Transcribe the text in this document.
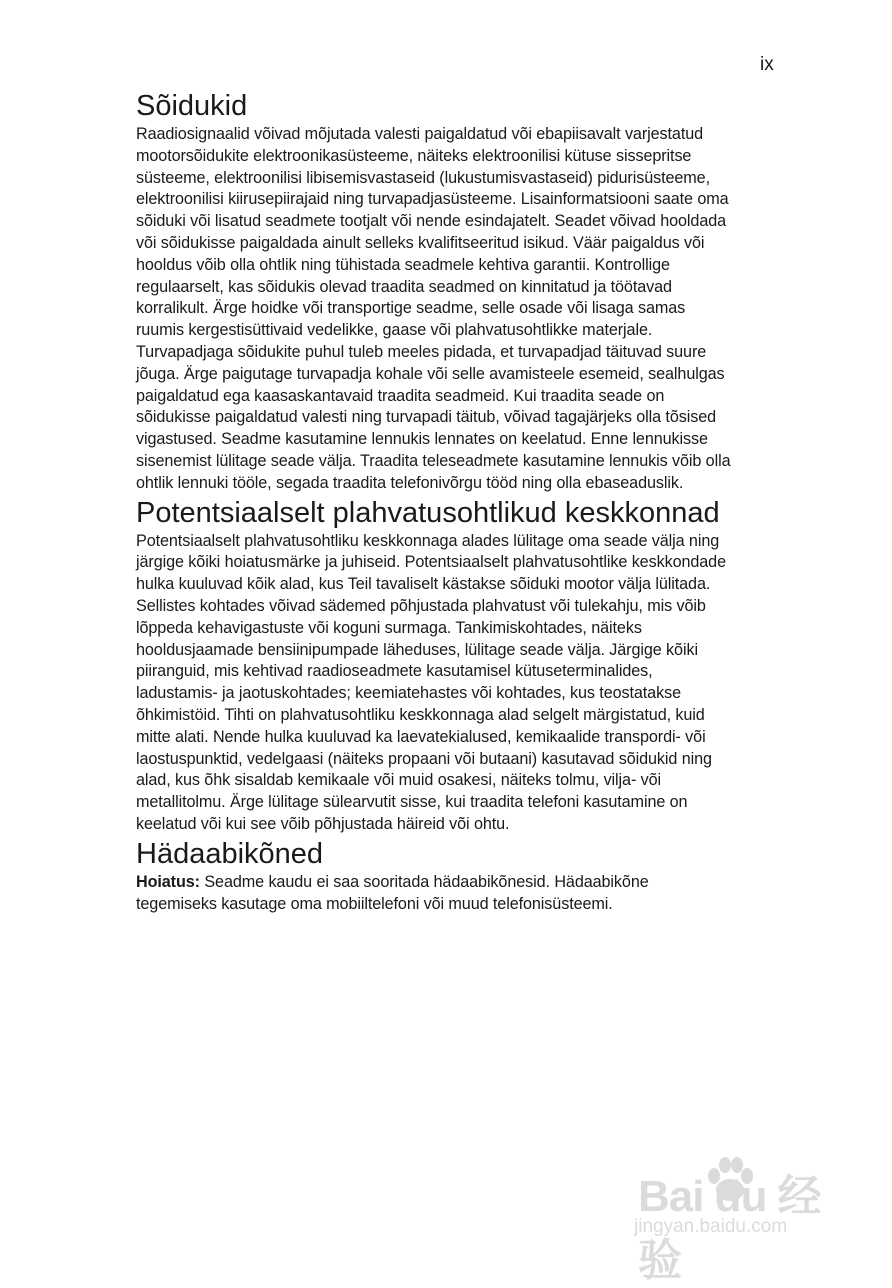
ix
Sõidukid

Raadiosignaalid võivad mõjutada valesti paigaldatud või ebapiisavalt varjestatud
mootorsõidukite elektroonikasüsteeme, näiteks elektroonilisi kütuse sissepritse
süsteeme, elektroonilisi libisemisvastaseid (lukustumisvastaseid) pidurisüsteeme,
elektroonilisi kiirusepiirajaid ning turvapadjasüsteeme. Lisainformatsiooni saate oma
sõiduki või lisatud seadmete tootjalt või nende esindajatelt. Seadet võivad hooldada
või sõidukisse paigaldada ainult selleks kvalifitseeritud isikud. Väär paigaldus või
hooldus võib olla ohtlik ning tühistada seadmele kehtiva garantii. Kontrollige
regulaarselt, kas sõidukis olevad traadita seadmed on kinnitatud ja töötavad
korralikult. Ärge hoidke või transportige seadme, selle osade või lisaga samas
ruumis kergestisüttivaid vedelikke, gaase või plahvatusohtlikke materjale.
Turvapadjaga sõidukite puhul tuleb meeles pidada, et turvapadjad täituvad suure
jõuga. Ärge paigutage turvapadja kohale või selle avamisteele esemeid, sealhulgas
paigaldatud ega kaasaskantavaid traadita seadmeid. Kui traadita seade on
sõidukisse paigaldatud valesti ning turvapadi täitub, võivad tagajärjeks olla tõsised
vigastused. Seadme kasutamine lennukis lennates on keelatud. Enne lennukisse
sisenemist lülitage seade välja. Traadita teleseadmete kasutamine lennukis võib olla
ohtlik lennuki tööle, segada traadita telefonivõrgu tööd ning olla ebaseaduslik.

Potentsiaalselt plahvatusohtlikud keskkonnad

Potentsiaalselt plahvatusohtliku keskkonnaga alades lülitage oma seade välja ning
järgige kõiki hoiatusmärke ja juhiseid. Potentsiaalselt plahvatusohtlike keskkondade
hulka kuuluvad kõik alad, kus Teil tavaliselt kästakse sõiduki mootor välja lülitada.
Sellistes kohtades võivad sädemed põhjustada plahvatust või tulekahju, mis võib
lõppeda kehavigastuste või koguni surmaga. Tankimiskohtades, näiteks
hooldusjaamade bensiinipumpade läheduses, lülitage seade välja. Järgige kõiki
piiranguid, mis kehtivad raadioseadmete kasutamisel kütuseterminalides,
ladustamis- ja jaotuskohtades; keemiatehastes või kohtades, kus teostatakse
õhkimistöid. Tihti on plahvatusohtliku keskkonnaga alad selgelt märgistatud, kuid
mitte alati. Nende hulka kuuluvad ka laevatekialused, kemikaalide transpordi- või
laostuspunktid, vedelgaasi (näiteks propaani või butaani) kasutavad sõidukid ning
alad, kus õhk sisaldab kemikaale või muid osakesi, näiteks tolmu, vilja- või
metallitolmu. Ärge lülitage sülearvutit sisse, kui traadita telefoni kasutamine on
keelatud või kui see võib põhjustada häireid või ohtu.

Hädaabikõned

Hoiatus: Seadme kaudu ei saa sooritada hädaabikõnesid. Hädaabikõne
tegemiseks kasutage oma mobiiltelefoni või muud telefonisüsteemi.

Bai du 经验
jingyan.baidu.com
